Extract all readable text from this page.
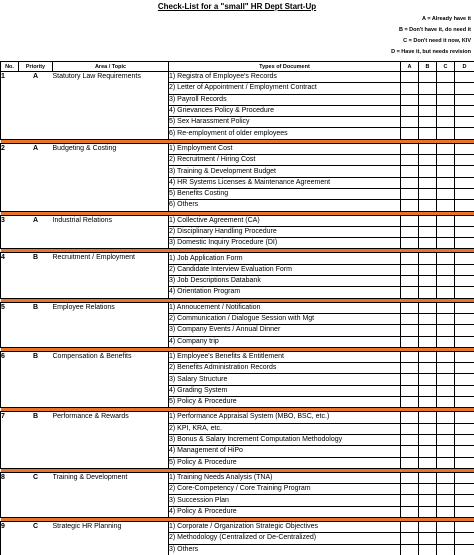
Check-List for a "small" HR Dept Start-Up
A = Already have it
B = Don't have it, do need it
C = Don't need it now, KIV
D = Have it, but needs revision
No.	Priority	Area / Topic	Types of Document	A	B	C	D
1	A	Statutory Law Requirements	1) Registra of Employee's Records				
			2) Letter of Appointment / Employment Contract				
			3) Payroll Records				
			4) Grievances Policy & Procedure				
			5) Sex Harassment Policy				
			6) Re-employment of older employees				

2	A	Budgeting & Costing	1) Employment Cost				
			2) Recruitment / Hiring Cost				
			3) Training & Development Budget				
			4) HR Systems Licenses & Maintenance Agreement				
			5) Benefits Costing				
			6) Others				

3	A	Industrial Relations	1) Collective Agreement (CA)				
			2) Disciplinary Handling Procedure				
			3) Domestic Inquiry Procedure (DI)				

4	B	Recruitment / Employment	1) Job Application Form				
			2) Candidate Interview Evaluation Form				
			3) Job Descriptions Databank				
			4) Orientation Program				

5	B	Employee Relations	1) Annoucement / Notification				
			2) Communication / Dialogue Session with Mgt				
			3) Company Events / Annual Dinner				
			4) Company trip				

6	B	Compensation & Benefits	1) Employee's Benefits & Entitlement				
			2) Benefits Administration Records				
			3) Salary Structure				
			4) Grading System				
			5) Policy & Procedure				

7	B	Performance & Rewards	1) Performance Appraisal System (MBO, BSC, etc.)				
			2) KPI, KRA, etc.				
			3) Bonus & Salary Increment Computation Methodology				
			4) Management of HiPo				
			5) Policy & Procedure				

8	C	Training & Development	1) Training Needs Analysis (TNA)				
			2) Core-Competency / Core Training Program				
			3) Succession Plan				
			4) Policy & Procedure				

9	C	Strategic HR Planning	1) Corporate / Organization Strategic Objectives				
			2) Methodology (Centralized or De-Centralized)				
			3) Others				
